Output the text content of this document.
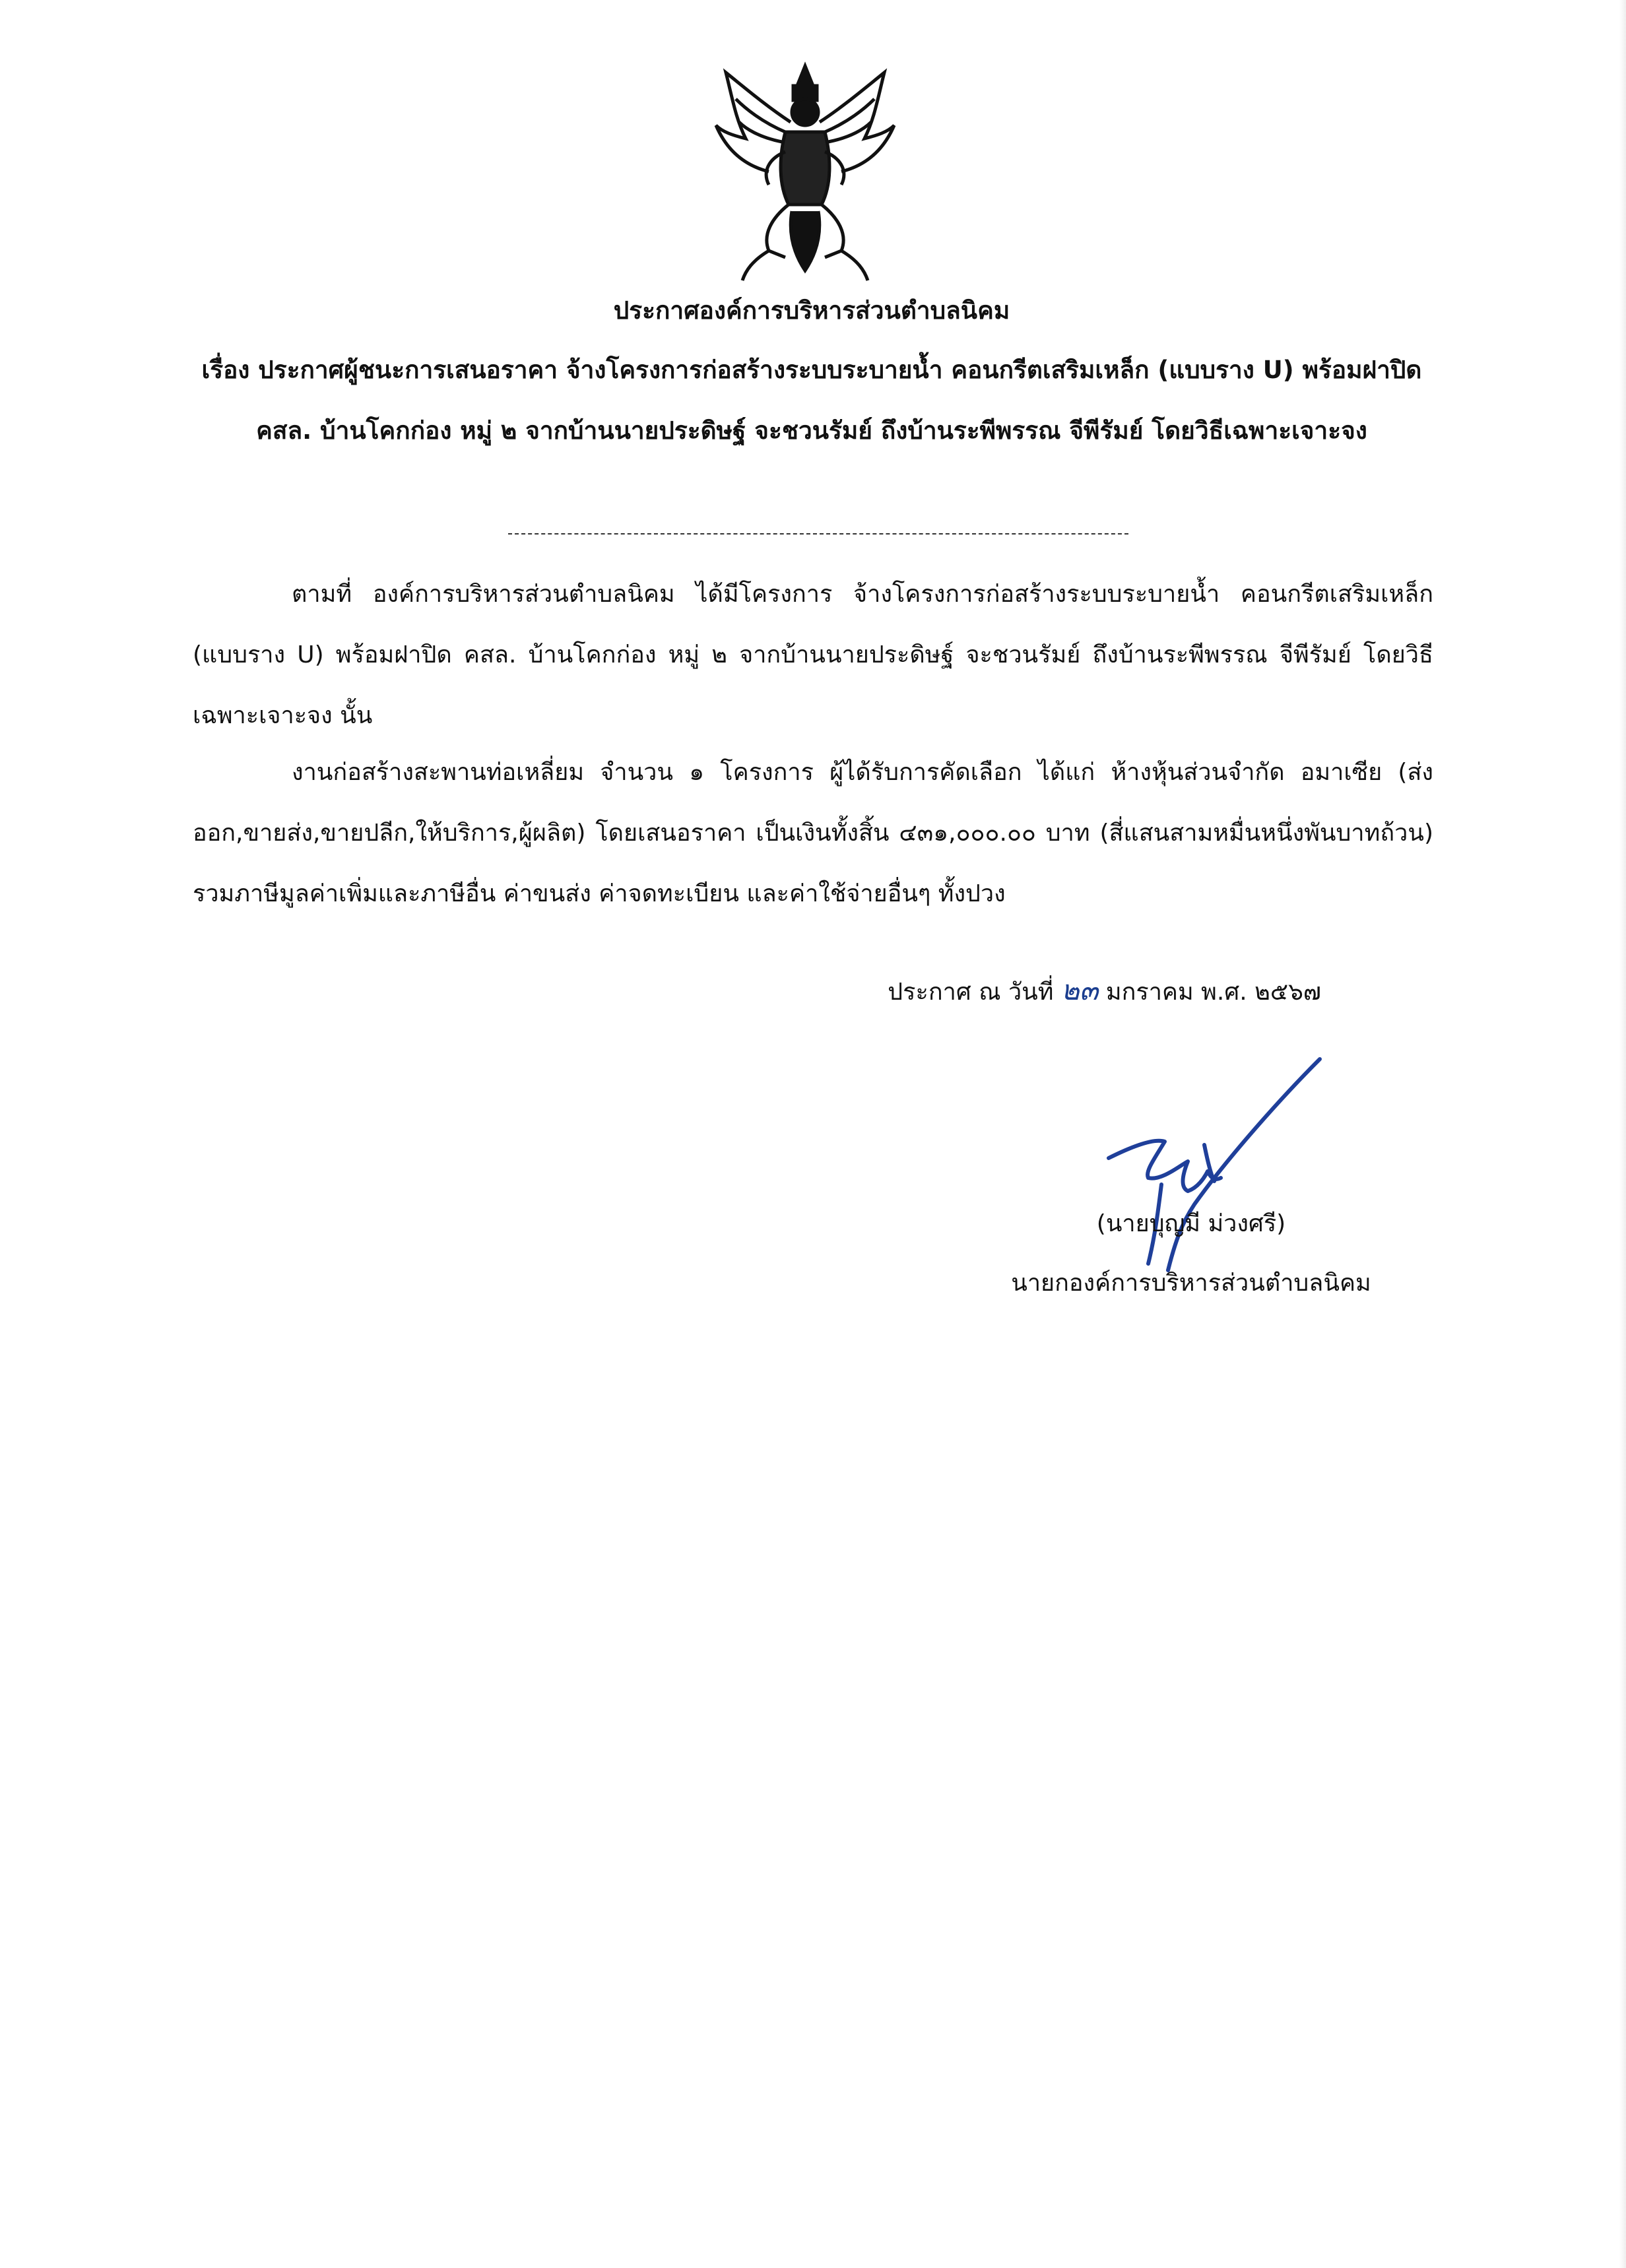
ประกาศองค์การบริหารส่วนตำบลนิคม
เรื่อง ประกาศผู้ชนะการเสนอราคา จ้างโครงการก่อสร้างระบบระบายน้ำ คอนกรีตเสริมเหล็ก (แบบราง U) พร้อมฝาปิด คสล. บ้านโคกก่อง หมู่ ๒ จากบ้านนายประดิษฐ์ จะชวนรัมย์ ถึงบ้านระพีพรรณ จีพีรัมย์ โดยวิธีเฉพาะเจาะจง

ตามที่ องค์การบริหารส่วนตำบลนิคม ได้มีโครงการ จ้างโครงการก่อสร้างระบบระบายน้ำ คอนกรีตเสริมเหล็ก (แบบราง U) พร้อมฝาปิด คสล. บ้านโคกก่อง หมู่ ๒ จากบ้านนายประดิษฐ์ จะชวนรัมย์ ถึงบ้านระพีพรรณ จีพีรัมย์ โดยวิธีเฉพาะเจาะจง นั้น

งานก่อสร้างสะพานท่อเหลี่ยม จำนวน ๑ โครงการ ผู้ได้รับการคัดเลือก ได้แก่ ห้างหุ้นส่วนจำกัด อมาเซีย (ส่งออก,ขายส่ง,ขายปลีก,ให้บริการ,ผู้ผลิต) โดยเสนอราคา เป็นเงินทั้งสิ้น ๔๓๑,๐๐๐.๐๐ บาท (สี่แสนสามหมื่นหนึ่งพันบาทถ้วน) รวมภาษีมูลค่าเพิ่มและภาษีอื่น ค่าขนส่ง ค่าจดทะเบียน และค่าใช้จ่ายอื่นๆ ทั้งปวง

ประกาศ ณ วันที่ ๒๓ มกราคม พ.ศ. ๒๕๖๗
(นายบุญมี ม่วงศรี)
นายกองค์การบริหารส่วนตำบลนิคม
